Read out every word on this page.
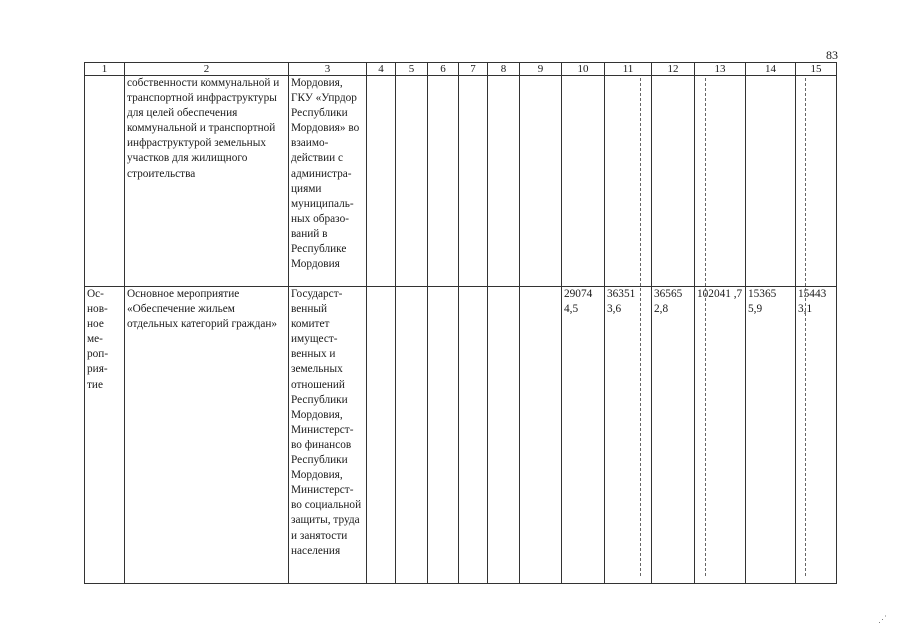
83
1	2	3	4	5	6	7	8	9	10	11	12	13	14	15
	собственности коммунальной и транспортной инфраструктуры для целей обеспечения коммунальной и транспортной инфраструктурой земельных участков для жилищного строительства	Мордовия, ГКУ «Упрдор Республики Мордовия» во взаимо-действии с администра-циями муниципаль-ных образо-ваний в Республике Мордовия												
Ос-нов-ное ме-роп-рия-тие	Основное мероприятие «Обеспечение жильем отдельных категорий граждан»	Государст-венный комитет имущест-венных и земельных отношений Республики Мордовия, Министерст-во финансов Республики Мордовия, Министерст-во социальной защиты, труда и занятости населения							29074 4,5	36351 3,6	36565 2,8	102041 ,7	15365 5,9	15443 3,1
⋰
